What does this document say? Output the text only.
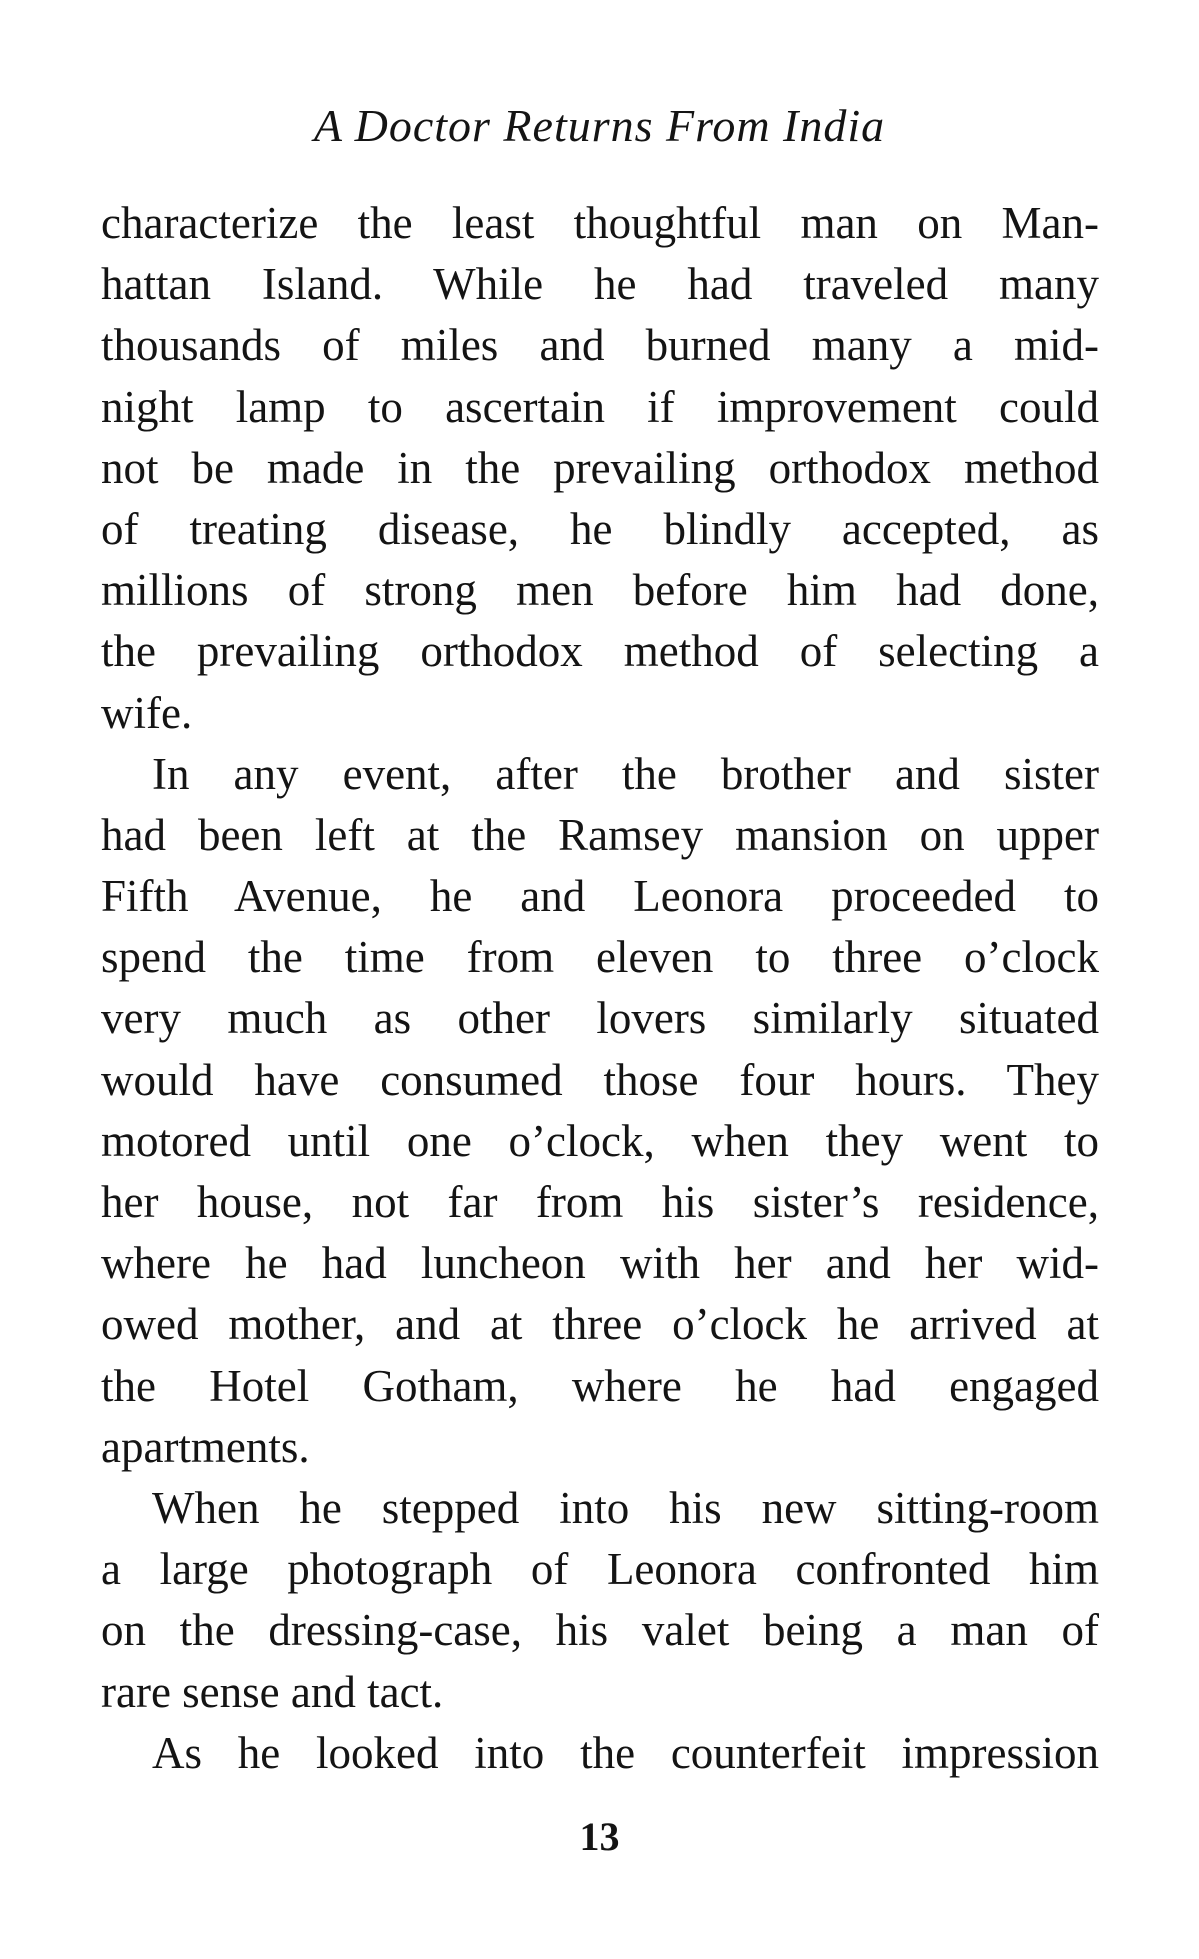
A Doctor Returns From India
characterize the least thoughtful man on Man-
hattan Island. While he had traveled many
thousands of miles and burned many a mid-
night lamp to ascertain if improvement could
not be made in the prevailing orthodox method
of treating disease, he blindly accepted, as
millions of strong men before him had done,
the prevailing orthodox method of selecting a
wife.
In any event, after the brother and sister
had been left at the Ramsey mansion on upper
Fifth Avenue, he and Leonora proceeded to
spend the time from eleven to three o’clock
very much as other lovers similarly situated
would have consumed those four hours. They
motored until one o’clock, when they went to
her house, not far from his sister’s residence,
where he had luncheon with her and her wid-
owed mother, and at three o’clock he arrived at
the Hotel Gotham, where he had engaged
apartments.
When he stepped into his new sitting-room
a large photograph of Leonora confronted him
on the dressing-case, his valet being a man of
rare sense and tact.
As he looked into the counterfeit impression
13
